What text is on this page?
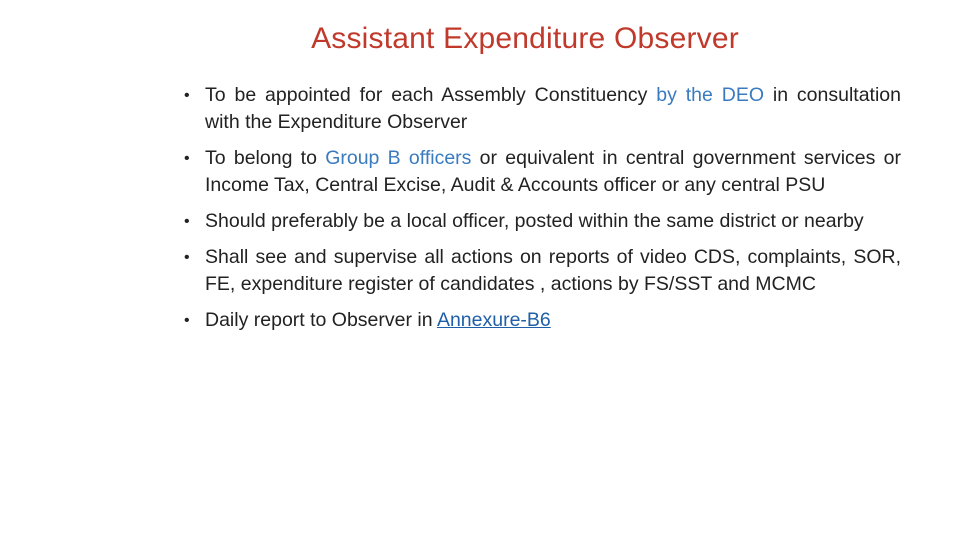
Assistant Expenditure Observer
• To be appointed for each Assembly Constituency by the DEO in consultation with the Expenditure Observer
• To belong to Group B officers or equivalent in central government services or Income Tax, Central Excise, Audit & Accounts officer or any central PSU
• Should preferably be a local officer, posted within the same district or nearby
• Shall see and supervise all actions on reports of video CDS, complaints, SOR, FE, expenditure register of candidates , actions by FS/SST and MCMC
• Daily report to Observer in Annexure-B6
